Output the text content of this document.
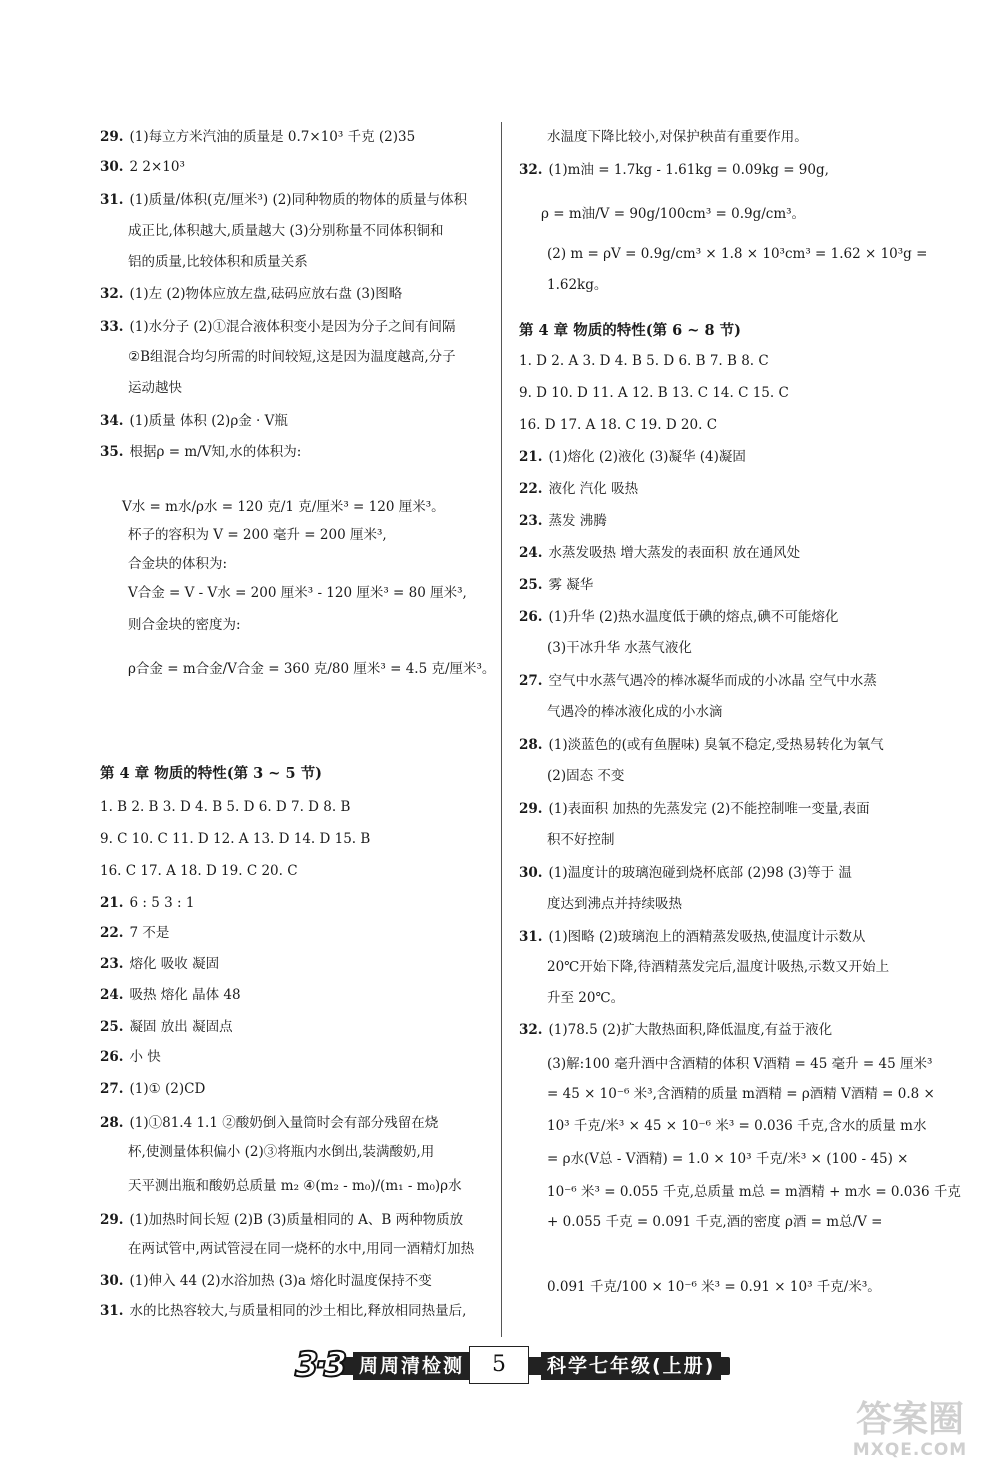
29. (1)每立方米汽油的质量是 0.7×10³ 千克 (2)35
30. 2 2×10³
31. (1)质量/体积(克/厘米³) (2)同种物质的物体的质量与体积
成正比,体积越大,质量越大 (3)分别称量不同体积铜和
铝的质量,比较体积和质量关系
32. (1)左 (2)物体应放左盘,砝码应放右盘 (3)图略
33. (1)水分子 (2)①混合液体积变小是因为分子之间有间隔
②B组混合均匀所需的时间较短,这是因为温度越高,分子
运动越快
34. (1)质量 体积 (2)ρ金 · V瓶
35. 根据ρ = m/V知,水的体积为:
V水 = m水/ρ水 = 120 克/1 克/厘米³ = 120 厘米³。
杯子的容积为 V = 200 毫升 = 200 厘米³,
合金块的体积为:
V合金 = V - V水 = 200 厘米³ - 120 厘米³ = 80 厘米³,
则合金块的密度为:
ρ合金 = m合金/V合金 = 360 克/80 厘米³ = 4.5 克/厘米³。
第 4 章 物质的特性(第 3 ~ 5 节)
1. B 2. B 3. D 4. B 5. D 6. D 7. D 8. B
9. C 10. C 11. D 12. A 13. D 14. D 15. B
16. C 17. A 18. D 19. C 20. C
21. 6 : 5 3 : 1
22. 7 不是
23. 熔化 吸收 凝固
24. 吸热 熔化 晶体 48
25. 凝固 放出 凝固点
26. 小 快
27. (1)① (2)CD
28. (1)①81.4 1.1 ②酸奶倒入量筒时会有部分残留在烧
杯,使测量体积偏小 (2)③将瓶内水倒出,装满酸奶,用
天平测出瓶和酸奶总质量 m₂ ④(m₂ - m₀)/(m₁ - m₀)ρ水
29. (1)加热时间长短 (2)B (3)质量相同的 A、B 两种物质放
在两试管中,两试管浸在同一烧杯的水中,用同一酒精灯加热
30. (1)伸入 44 (2)水浴加热 (3)a 熔化时温度保持不变
31. 水的比热容较大,与质量相同的沙土相比,释放相同热量后,
水温度下降比较小,对保护秧苗有重要作用。
32. (1)m油 = 1.7kg - 1.61kg = 0.09kg = 90g,
ρ = m油/V = 90g/100cm³ = 0.9g/cm³。
(2) m = ρV = 0.9g/cm³ × 1.8 × 10³cm³ = 1.62 × 10³g =
1.62kg。
第 4 章 物质的特性(第 6 ~ 8 节)
1. D 2. A 3. D 4. B 5. D 6. B 7. B 8. C
9. D 10. D 11. A 12. B 13. C 14. C 15. C
16. D 17. A 18. C 19. D 20. C
21. (1)熔化 (2)液化 (3)凝华 (4)凝固
22. 液化 汽化 吸热
23. 蒸发 沸腾
24. 水蒸发吸热 增大蒸发的表面积 放在通风处
25. 雾 凝华
26. (1)升华 (2)热水温度低于碘的熔点,碘不可能熔化
(3)干冰升华 水蒸气液化
27. 空气中水蒸气遇冷的棒冰凝华而成的小冰晶 空气中水蒸
气遇冷的棒冰液化成的小水滴
28. (1)淡蓝色的(或有鱼腥味) 臭氧不稳定,受热易转化为氧气
(2)固态 不变
29. (1)表面积 加热的先蒸发完 (2)不能控制唯一变量,表面
积不好控制
30. (1)温度计的玻璃泡碰到烧杯底部 (2)98 (3)等于 温
度达到沸点并持续吸热
31. (1)图略 (2)玻璃泡上的酒精蒸发吸热,使温度计示数从
20℃开始下降,待酒精蒸发完后,温度计吸热,示数又开始上
升至 20℃。
32. (1)78.5 (2)扩大散热面积,降低温度,有益于液化
(3)解:100 毫升酒中含酒精的体积 V酒精 = 45 毫升 = 45 厘米³
= 45 × 10⁻⁶ 米³,含酒精的质量 m酒精 = ρ酒精 V酒精 = 0.8 ×
10³ 千克/米³ × 45 × 10⁻⁶ 米³ = 0.036 千克,含水的质量 m水
= ρ水(V总 - V酒精) = 1.0 × 10³ 千克/米³ × (100 - 45) ×
10⁻⁶ 米³ = 0.055 千克,总质量 m总 = m酒精 + m水 = 0.036 千克
+ 0.055 千克 = 0.091 千克,酒的密度 ρ酒 = m总/V =
0.091 千克/100 × 10⁻⁶ 米³ = 0.91 × 10³ 千克/米³。
3·3 周周清检测	5	科学七年级(上册)
答案圈
MXQE.COM
